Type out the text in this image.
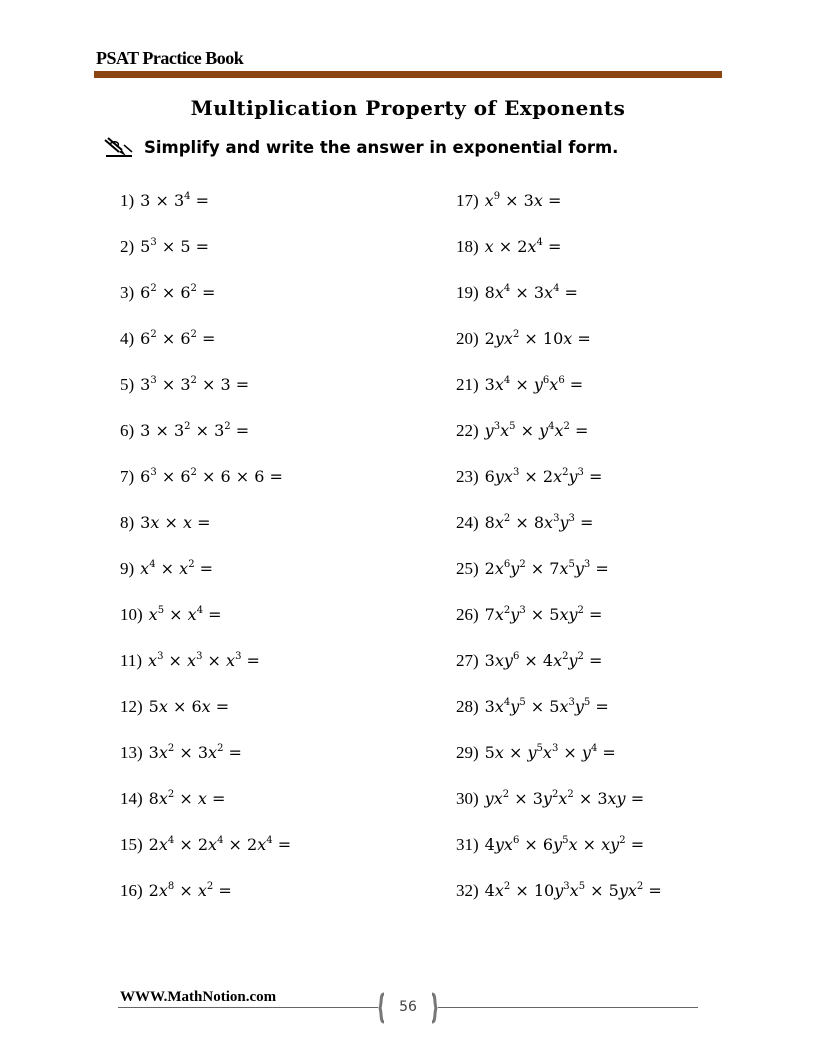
PSAT Practice Book
Multiplication Property of Exponents
Simplify and write the answer in exponential form.
1) $3 \times 3^4$ =
2) $5^3 \times 5$ =
3) $6^2 \times 6^2$ =
4) $6^2 \times 6^2$ =
5) $3^3 \times 3^2 \times 3$ =
6) $3 \times 3^2 \times 3^2$ =
7) $6^3 \times 6^2 \times 6 \times 6$ =
8) 3x × x =
9) $x^4 \times x^2$ =
10) $x^5 \times x^4$ =
11) $x^3 \times x^3 \times x^3$ =
12) 5x × 6x =
13) $3x^2 \times 3x^2$ =
14) $8x^2 \times x$ =
15) $2x^4 \times 2x^4 \times 2x^4$ =
16) $2x^8 \times x^2$ =
17) $x^9 \times 3x$ =
18) $x \times 2x^4$ =
19) $8x^4 \times 3x^4$ =
20) $2yx^2 \times 10x$ =
21) $3x^4 \times y^6x^6$ =
22) $y^3x^5 \times y^4x^2$ =
23) $6yx^3 \times 2x^2y^3$ =
24) $8x^2 \times 8x^3y^3$ =
25) $2x^6y^2 \times 7x^5y^3$ =
26) $7x^2y^3 \times 5xy^2$ =
27) $3xy^6 \times 4x^2y^2$ =
28) $3x^4y^5 \times 5x^3y^5$ =
29) $5x \times y^5x^3 \times y^4$ =
30) $yx^2 \times 3y^2x^2 \times 3xy$ =
31) $4yx^6 \times 6y^5x \times xy^2$ =
32) $4x^2 \times 10y^3x^5 \times 5yx^2$ =
WWW.MathNotion.com
56
